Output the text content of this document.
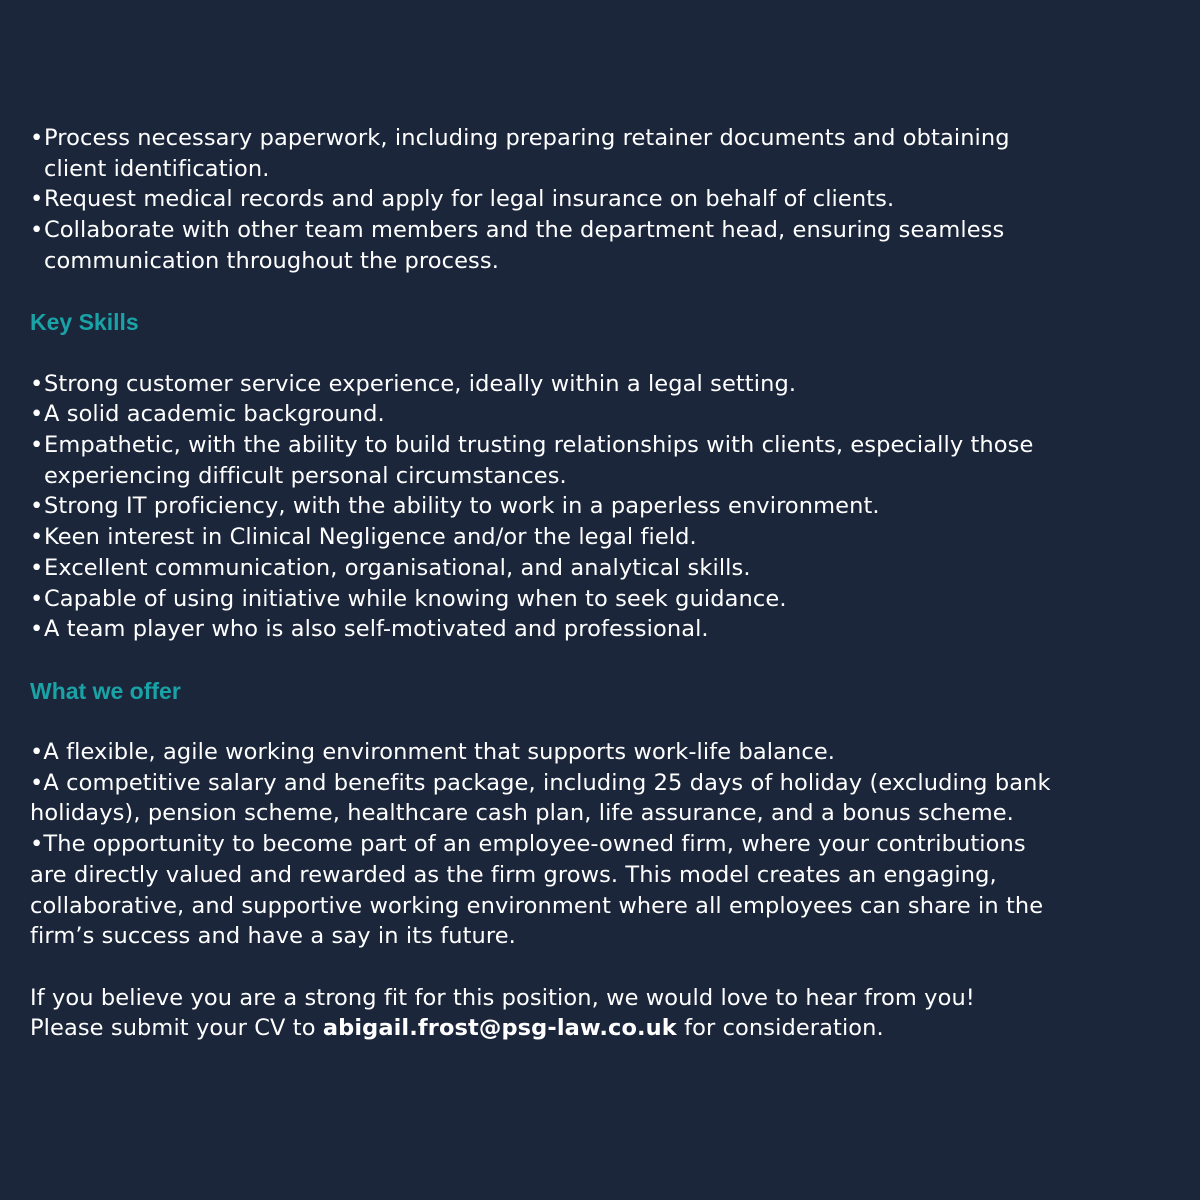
• Process necessary paperwork, including preparing retainer documents and obtaining
client identification.
• Request medical records and apply for legal insurance on behalf of clients.
• Collaborate with other team members and the department head, ensuring seamless
communication throughout the process.
Key Skills
• Strong customer service experience, ideally within a legal setting.
• A solid academic background.
• Empathetic, with the ability to build trusting relationships with clients, especially those
experiencing difficult personal circumstances.
• Strong IT proficiency, with the ability to work in a paperless environment.
• Keen interest in Clinical Negligence and/or the legal field.
• Excellent communication, organisational, and analytical skills.
• Capable of using initiative while knowing when to seek guidance.
• A team player who is also self-motivated and professional.
What we offer
•A flexible, agile working environment that supports work-life balance.
•A competitive salary and benefits package, including 25 days of holiday (excluding bank
holidays), pension scheme, healthcare cash plan, life assurance, and a bonus scheme.
•The opportunity to become part of an employee-owned firm, where your contributions
are directly valued and rewarded as the firm grows. This model creates an engaging,
collaborative, and supportive working environment where all employees can share in the
firm’s success and have a say in its future.
If you believe you are a strong fit for this position, we would love to hear from you!
Please submit your CV to abigail.frost@psg-law.co.uk for consideration.
